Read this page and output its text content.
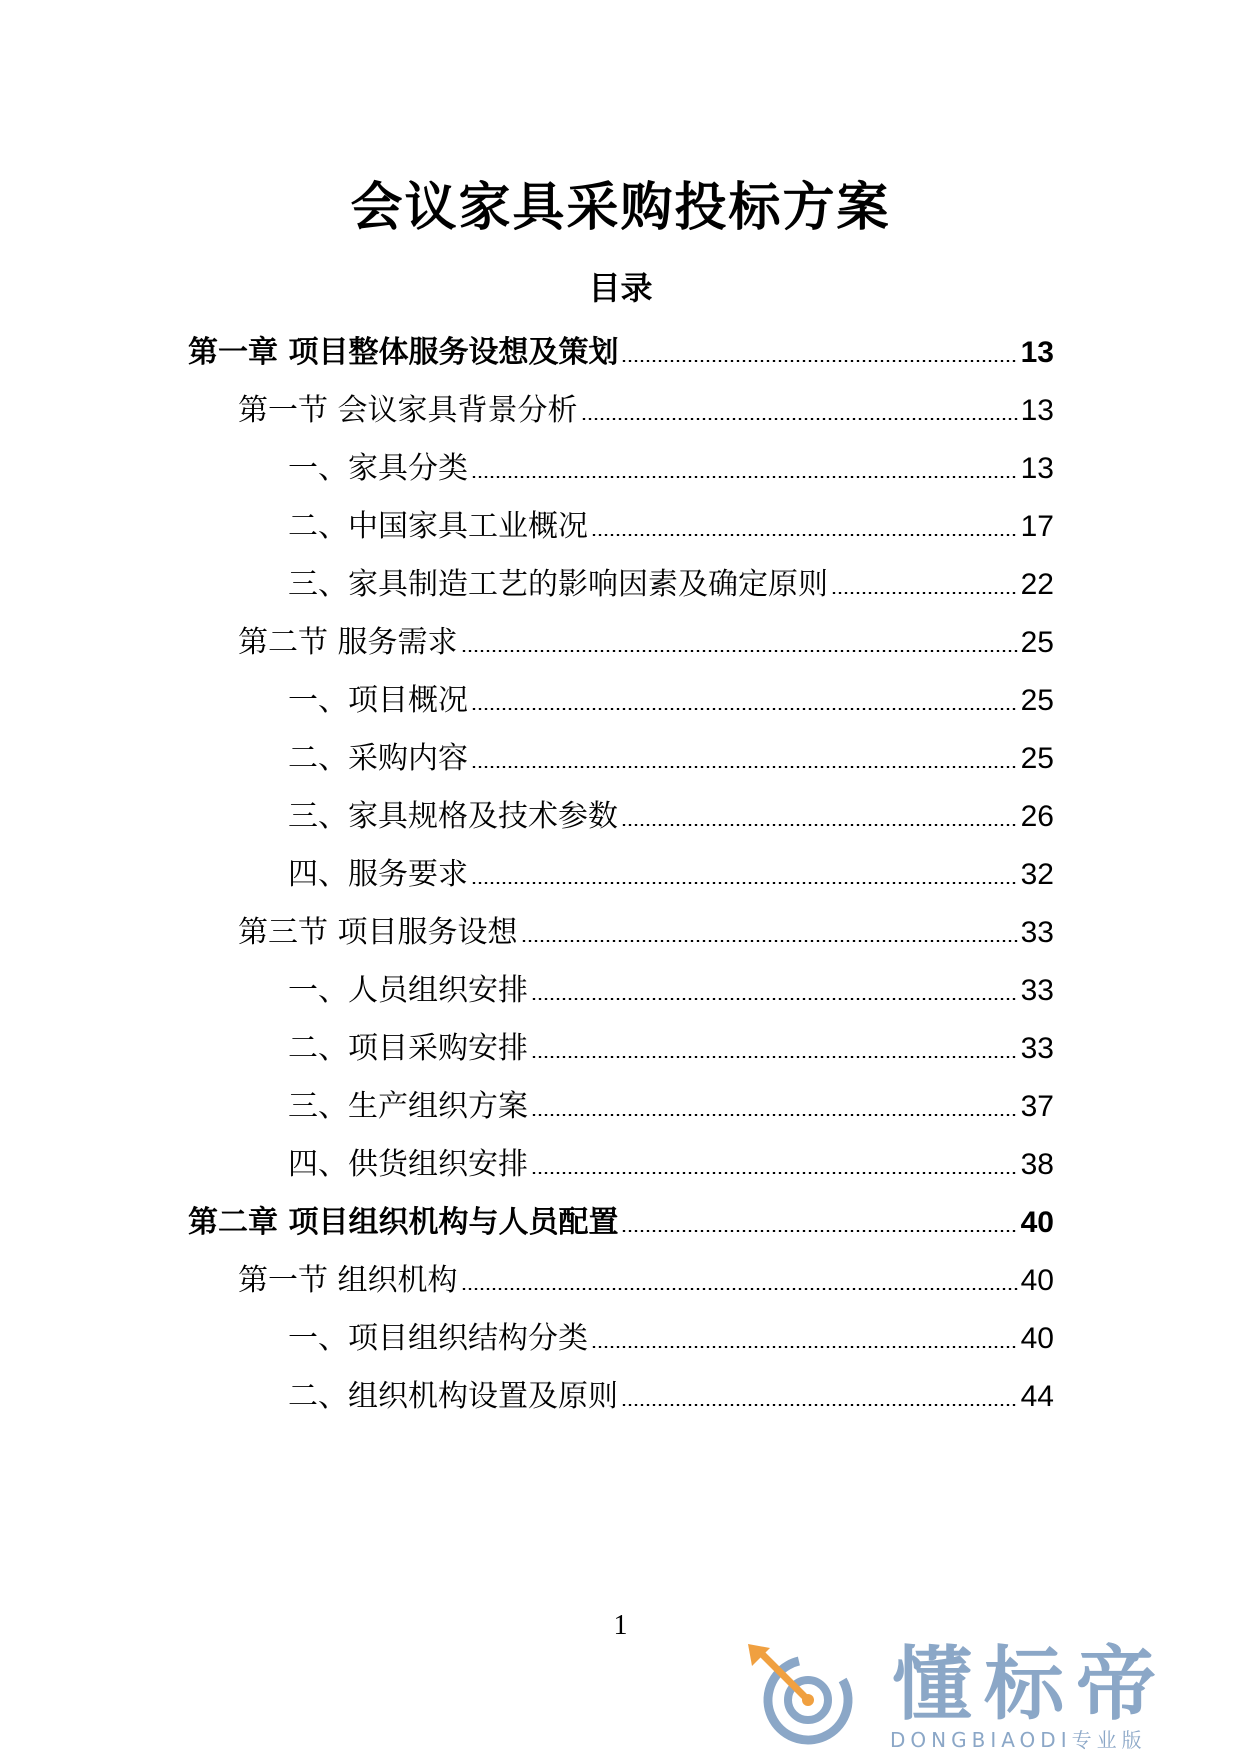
会议家具采购投标方案
目录
第一章 项目整体服务设想及策划	13
第一节 会议家具背景分析	13
一、家具分类	13
二、中国家具工业概况	17
三、家具制造工艺的影响因素及确定原则	22
第二节 服务需求	25
一、项目概况	25
二、采购内容	25
三、家具规格及技术参数	26
四、服务要求	32
第三节 项目服务设想	33
一、人员组织安排	33
二、项目采购安排	33
三、生产组织方案	37
四、供货组织安排	38
第二章 项目组织机构与人员配置	40
第一节 组织机构	40
一、项目组织结构分类	40
二、组织机构设置及原则	44
1
懂标帝
DONGBIAODI专业版
